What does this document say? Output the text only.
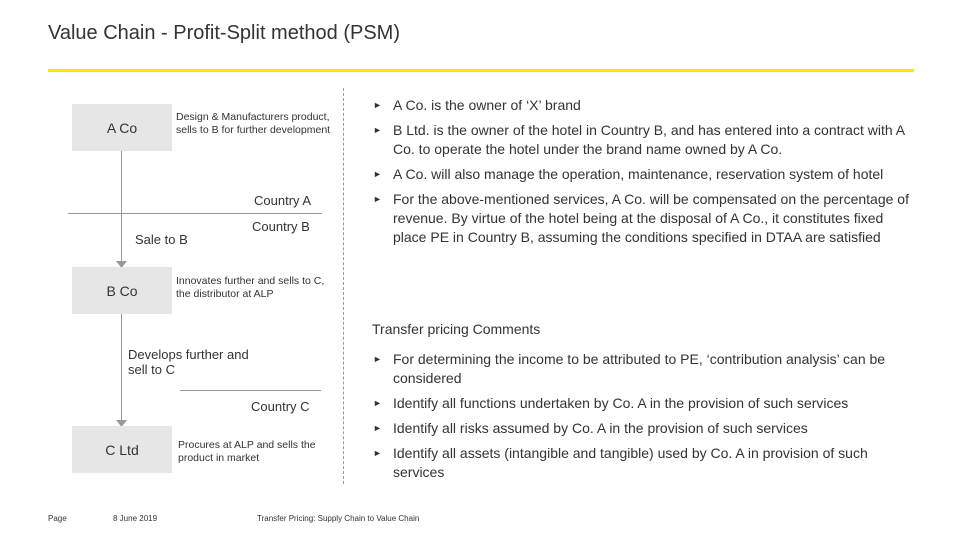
Value Chain - Profit-Split method (PSM)
A Co
B Co
C Ltd
Design & Manufacturers product, sells to B for further development
Innovates further and sells to C, the distributor at ALP
Procures at ALP and sells the product in market
Country A
Country B
Country C
Sale to B
Develops further and sell to C
► A Co. is the owner of ‘X’ brand
► B Ltd. is the owner of the hotel in Country B, and has entered into a contract with A Co. to operate the hotel under the brand name owned by A Co.
► A Co. will also manage the operation, maintenance, reservation system of hotel
► For the above-mentioned services, A Co. will be compensated on the percentage of revenue. By virtue of the hotel being at the disposal of A Co., it constitutes fixed place PE in Country B, assuming the conditions specified in DTAA are satisfied
Transfer pricing Comments
► For determining the income to be attributed to PE, ‘contribution analysis’ can be considered
► Identify all functions undertaken by Co. A in the provision of such services
► Identify all risks assumed by Co. A in the provision of such services
► Identify all assets (intangible and tangible) used by Co. A in provision of such services
Page	8 June 2019	Transfer Pricing: Supply Chain to Value Chain
